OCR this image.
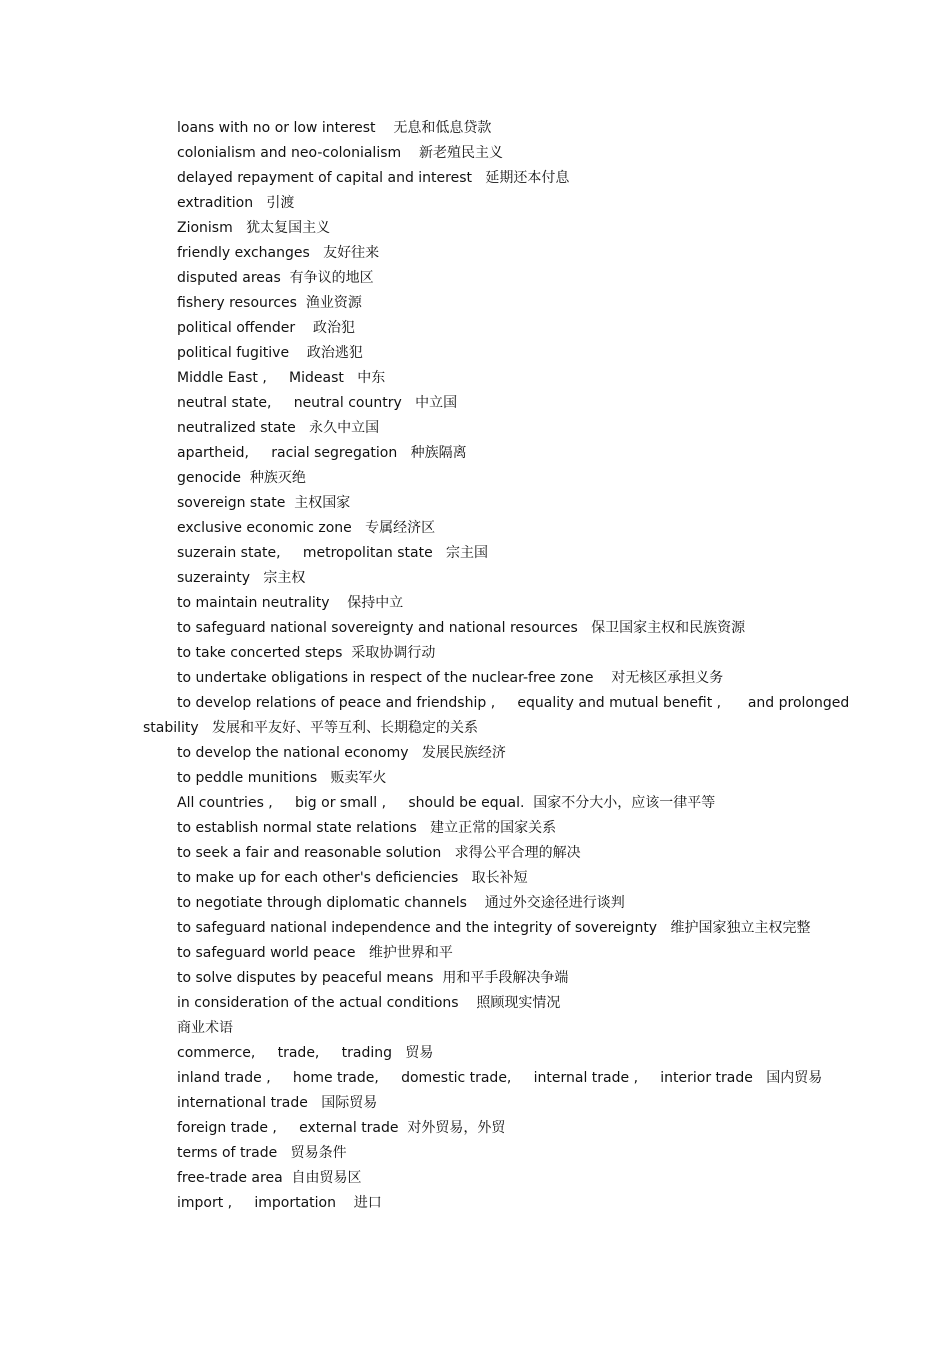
loans with no or low interest    无息和低息贷款
colonialism and neo-colonialism    新老殖民主义
delayed repayment of capital and interest   延期还本付息
extradition   引渡
Zionism   犹太复国主义
friendly exchanges   友好往来
disputed areas  有争议的地区
fishery resources  渔业资源
political offender    政治犯
political fugitive    政治逃犯
Middle East ,     Mideast   中东
neutral state,     neutral country   中立国
neutralized state   永久中立国
apartheid,     racial segregation   种族隔离
genocide  种族灭绝
sovereign state  主权国家
exclusive economic zone   专属经济区
suzerain state,     metropolitan state   宗主国
suzerainty   宗主权
to maintain neutrality    保持中立
to safeguard national sovereignty and national resources   保卫国家主权和民族资源
to take concerted steps  采取协调行动
to undertake obligations in respect of the nuclear-free zone    对无核区承担义务
to develop relations of peace and friendship ,     equality and mutual benefit ,      and prolonged
stability   发展和平友好、平等互利、长期稳定的关系
to develop the national economy   发展民族经济
to peddle munitions   贩卖军火
All countries ,     big or small ,     should be equal.  国家不分大小，应该一律平等
to establish normal state relations   建立正常的国家关系
to seek a fair and reasonable solution   求得公平合理的解决
to make up for each other's deficiencies   取长补短
to negotiate through diplomatic channels    通过外交途径进行谈判
to safeguard national independence and the integrity of sovereignty   维护国家独立主权完整
to safeguard world peace   维护世界和平
to solve disputes by peaceful means  用和平手段解决争端
in consideration of the actual conditions    照顾现实情况
商业术语
commerce,     trade,     trading   贸易
inland trade ,     home trade,     domestic trade,     internal trade ,     interior trade   国内贸易
international trade   国际贸易
foreign trade ,     external trade  对外贸易，外贸
terms of trade   贸易条件
free-trade area  自由贸易区
import ,     importation    进口
